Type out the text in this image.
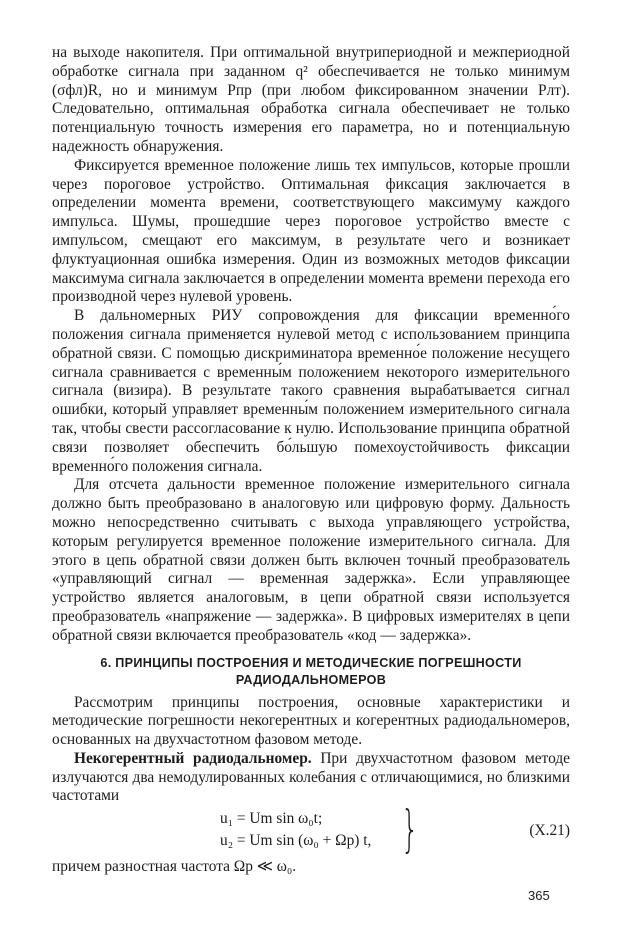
на выходе накопителя. При оптимальной внутрипериодной и межпериодной обработке сигнала при заданном q² обеспечивается не только минимум (σфл)R, но и минимум Pпр (при любом фиксированном значении Pлт). Следовательно, оптимальная обработка сигнала обеспечивает не только потенциальную точность измерения его параметра, но и потенциальную надежность обнаружения.

Фиксируется временное положение лишь тех импульсов, которые прошли через пороговое устройство. Оптимальная фиксация заключается в определении момента времени, соответствующего максимуму каждого импульса. Шумы, прошедшие через пороговое устройство вместе с импульсом, смещают его максимум, в результате чего и возникает флуктуационная ошибка измерения. Один из возможных методов фиксации максимума сигнала заключается в определении момента времени перехода его производной через нулевой уровень.

В дальномерных РИУ сопровождения для фиксации временно́го положения сигнала применяется нулевой метод с использованием принципа обратной связи. С помощью дискриминатора временно́е положение несущего сигнала сравнивается с временны́м положением некоторого измерительного сигнала (визира). В результате такого сравнения вырабатывается сигнал ошибки, который управляет временны́м положением измерительного сигнала так, чтобы свести рассогласование к нулю. Использование принципа обратной связи позволяет обеспечить бо́льшую помехоустойчивость фиксации временно́го положения сигнала.

Для отсчета дальности временное положение измерительного сигнала должно быть преобразовано в аналоговую или цифровую форму. Дальность можно непосредственно считывать с выхода управляющего устройства, которым регулируется временное положение измерительного сигнала. Для этого в цепь обратной связи должен быть включен точный преобразователь «управляющий сигнал — временная задержка». Если управляющее устройство является аналоговым, в цепи обратной связи используется преобразователь «напряжение — задержка». В цифровых измерителях в цепи обратной связи включается преобразователь «код — задержка».

6. ПРИНЦИПЫ ПОСТРОЕНИЯ И МЕТОДИЧЕСКИЕ ПОГРЕШНОСТИ
РАДИОДАЛЬНОМЕРОВ

Рассмотрим принципы построения, основные характеристики и методические погрешности некогерентных и когерентных радиодальномеров, основанных на двухчастотном фазовом методе.

Некогерентный радиодальномер. При двухчастотном фазовом методе излучаются два немодулированных колебания с отличающимися, но близкими частотами

u₁ = Um sin ω₀t;
u₂ = Um sin (ω₀ + Ωp) t, }	(X.21)

причем разностная частота Ωp ≪ ω₀.

365
